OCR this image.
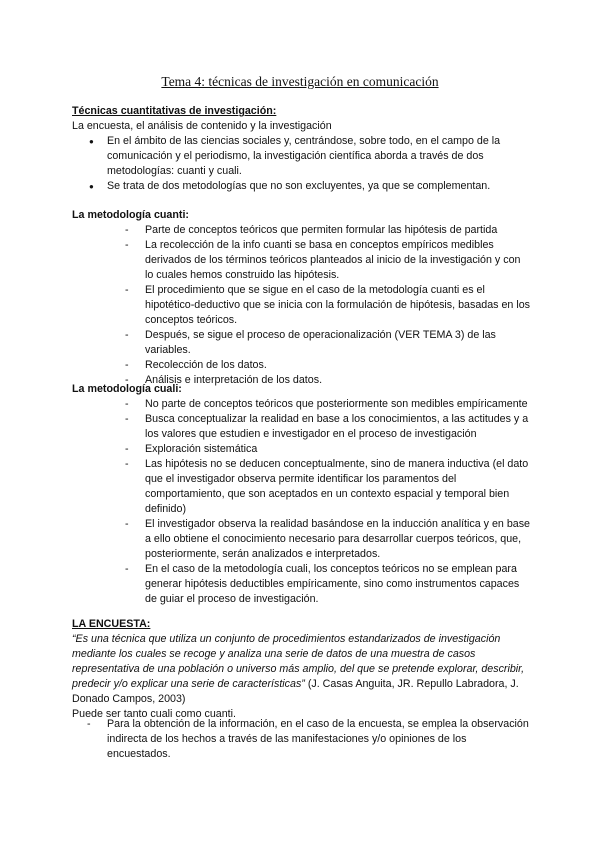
Tema 4: técnicas de investigación en comunicación
Técnicas cuantitativas de investigación:
La encuesta, el análisis de contenido y la investigación
● En el ámbito de las ciencias sociales y, centrándose, sobre todo, en el campo de la comunicación y el periodismo, la investigación científica aborda a través de dos metodologías: cuanti y cuali.
● Se trata de dos metodologías que no son excluyentes, ya que se complementan.
La metodología cuanti:
- Parte de conceptos teóricos que permiten formular las hipótesis de partida
- La recolección de la info cuanti se basa en conceptos empíricos medibles derivados de los términos teóricos planteados al inicio de la investigación y con lo cuales hemos construido las hipótesis.
- El procedimiento que se sigue en el caso de la metodología cuanti es el hipotético-deductivo que se inicia con la formulación de hipótesis, basadas en los conceptos teóricos.
- Después, se sigue el proceso de operacionalización (VER TEMA 3) de las variables.
- Recolección de los datos.
- Análisis e interpretación de los datos.
La metodología cuali:
- No parte de conceptos teóricos que posteriormente son medibles empíricamente
- Busca conceptualizar la realidad en base a los conocimientos, a las actitudes y a los valores que estudien e investigador en el proceso de investigación
- Exploración sistemática
- Las hipótesis no se deducen conceptualmente, sino de manera inductiva (el dato que el investigador observa permite identificar los paramentos del comportamiento, que son aceptados en un contexto espacial y temporal bien definido)
- El investigador observa la realidad basándose en la inducción analítica y en base a ello obtiene el conocimiento necesario para desarrollar cuerpos teóricos, que, posteriormente, serán analizados e interpretados.
- En el caso de la metodología cuali, los conceptos teóricos no se emplean para generar hipótesis deductibles empíricamente, sino como instrumentos capaces de guiar el proceso de investigación.
LA ENCUESTA:
“Es una técnica que utiliza un conjunto de procedimientos estandarizados de investigación mediante los cuales se recoge y analiza una serie de datos de una muestra de casos representativa de una población o universo más amplio, del que se pretende explorar, describir, predecir y/o explicar una serie de características” (J. Casas Anguita, JR. Repullo Labradora, J. Donado Campos, 2003)
Puede ser tanto cuali como cuanti.
- Para la obtención de la información, en el caso de la encuesta, se emplea la observación indirecta de los hechos a través de las manifestaciones y/o opiniones de los encuestados.
